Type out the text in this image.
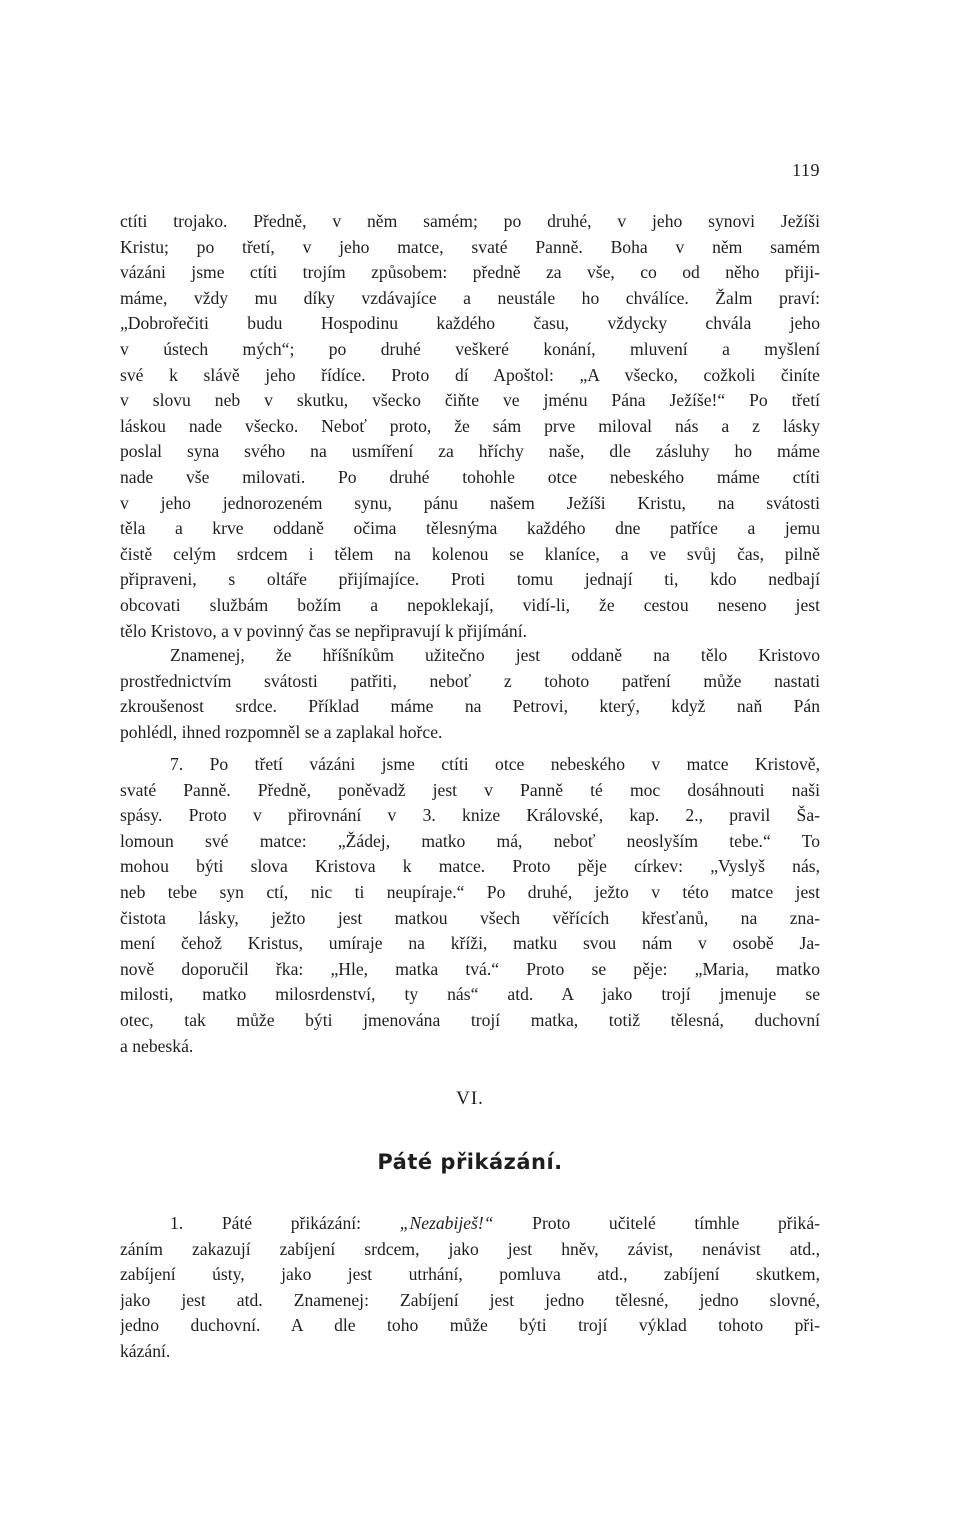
119
ctíti trojako. Předně, v něm samém; po druhé, v jeho synovi Ježíši
Kristu; po třetí, v jeho matce, svaté Panně. Boha v něm samém
vázáni jsme ctíti trojím způsobem: předně za vše, co od něho přiji-
máme, vždy mu díky vzdávajíce a neustále ho chválíce. Žalm praví:
„Dobrořečiti budu Hospodinu každého času, vždycky chvála jeho
v ústech mých“; po druhé veškeré konání, mluvení a myšlení
své k slávě jeho řídíce. Proto dí Apoštol: „A všecko, cožkoli činíte
v slovu neb v skutku, všecko čiňte ve jménu Pána Ježíše!“ Po třetí
láskou nade všecko. Neboť proto, že sám prve miloval nás a z lásky
poslal syna svého na usmíření za hříchy naše, dle zásluhy ho máme
nade vše milovati. Po druhé tohohle otce nebeského máme ctíti
v jeho jednorozeném synu, pánu našem Ježíši Kristu, na svátosti
těla a krve oddaně očima tělesnýma každého dne patříce a jemu
čistě celým srdcem i tělem na kolenou se klaníce, a ve svůj čas, pilně
připraveni, s oltáře přijímajíce. Proti tomu jednají ti, kdo nedbají
obcovati službám božím a nepoklekají, vidí-li, že cestou neseno jest
tělo Kristovo, a v povinný čas se nepřipravují k přijímání.
Znamenej, že hříšníkům užitečno jest oddaně na tělo Kristovo
prostřednictvím svátosti patřiti, neboť z tohoto patření může nastati
zkroušenost srdce. Příklad máme na Petrovi, který, když naň Pán
pohlédl, ihned rozpomněl se a zaplakal hořce.
7. Po třetí vázáni jsme ctíti otce nebeského v matce Kristově,
svaté Panně. Předně, poněvadž jest v Panně té moc dosáhnouti naši
spásy. Proto v přirovnání v 3. knize Královské, kap. 2., pravil Ša-
lomoun své matce: „Žádej, matko má, neboť neoslyším tebe.“ To
mohou býti slova Kristova k matce. Proto pěje církev: „Vyslyš nás,
neb tebe syn ctí, nic ti neupíraje.“ Po druhé, ježto v této matce jest
čistota lásky, ježto jest matkou všech věřících křesťanů, na zna-
mení čehož Kristus, umíraje na kříži, matku svou nám v osobě Ja-
nově doporučil řka: „Hle, matka tvá.“ Proto se pěje: „Maria, matko
milosti, matko milosrdenství, ty nás“ atd. A jako trojí jmenuje se
otec, tak může býti jmenována trojí matka, totiž tělesná, duchovní
a nebeská.
VI.
Páté přikázání.
1. Páté přikázání: „Nezabiješ!“ Proto učitelé tímhle přiká-
záním zakazují zabíjení srdcem, jako jest hněv, závist, nenávist atd.,
zabíjení ústy, jako jest utrhání, pomluva atd., zabíjení skutkem,
jako jest atd. Znamenej: Zabíjení jest jedno tělesné, jedno slovné,
jedno duchovní. A dle toho může býti trojí výklad tohoto při-
kázání.
